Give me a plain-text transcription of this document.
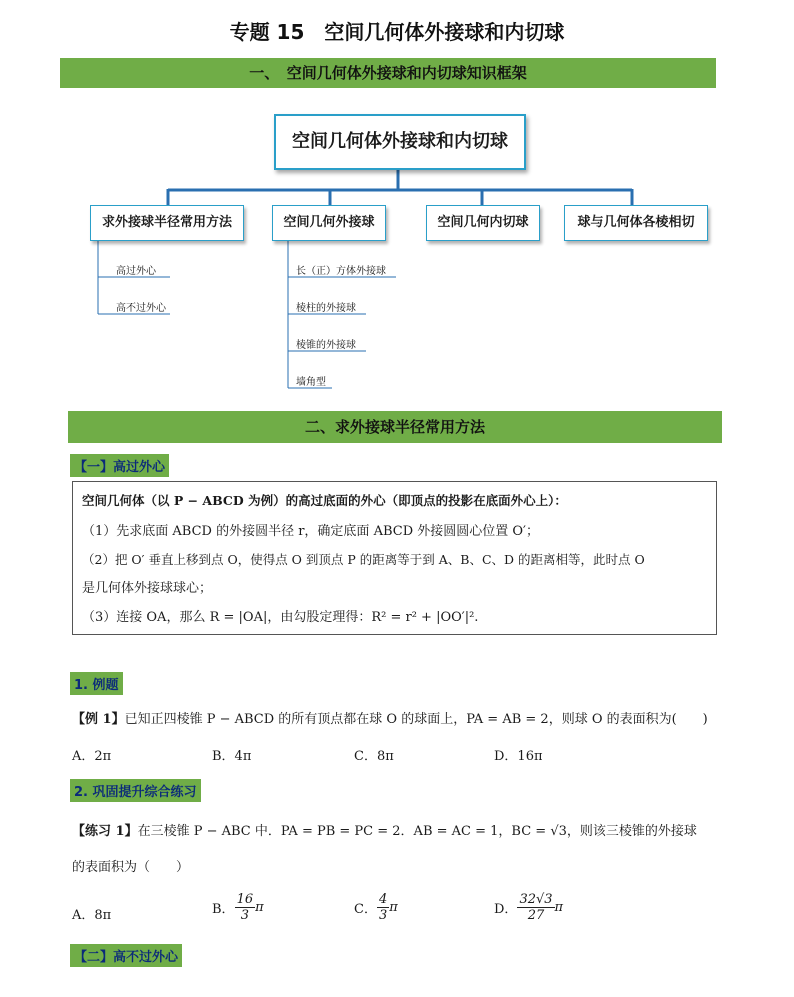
专题 15　空间几何体外接球和内切球
一、　空间几何体外接球和内切球知识框架
空间几何体外接球和内切球
求外接球半径常用方法	空间几何外接球	空间几何内切球	球与几何体各棱相切
高过外心
高不过外心
长（正）方体外接球
棱柱的外接球
棱锥的外接球
墙角型
二、求外接球半径常用方法
【一】高过外心
空间几何体（以 P − ABCD 为例）的高过底面的外心（即顶点的投影在底面外心上）：
（1）先求底面 ABCD 的外接圆半径 r，确定底面 ABCD 外接圆圆心位置 O′；
（2）把 O′ 垂直上移到点 O，使得点 O 到顶点 P 的距离等于到 A、B、C、D 的距离相等，此时点 O
是几何体外接球球心；
（3）连接 OA，那么 R = |OA|，由勾股定理得：R² = r² + |OO′|².
1. 例题
【例 1】已知正四棱锥 P − ABCD 的所有顶点都在球 O 的球面上，PA = AB = 2，则球 O 的表面积为(　　)
A．2π	B．4π	C．8π	D．16π
2. 巩固提升综合练习
【练习 1】在三棱锥 P − ABC 中．PA = PB = PC = 2．AB = AC = 1，BC = √3，则该三棱锥的外接球
的表面积为（　　）
A．8π	B． $\frac{16}{3}$ π	C． $\frac{4}{3}$ π	D． $\frac{32√3}{27}$ π
【二】高不过外心
